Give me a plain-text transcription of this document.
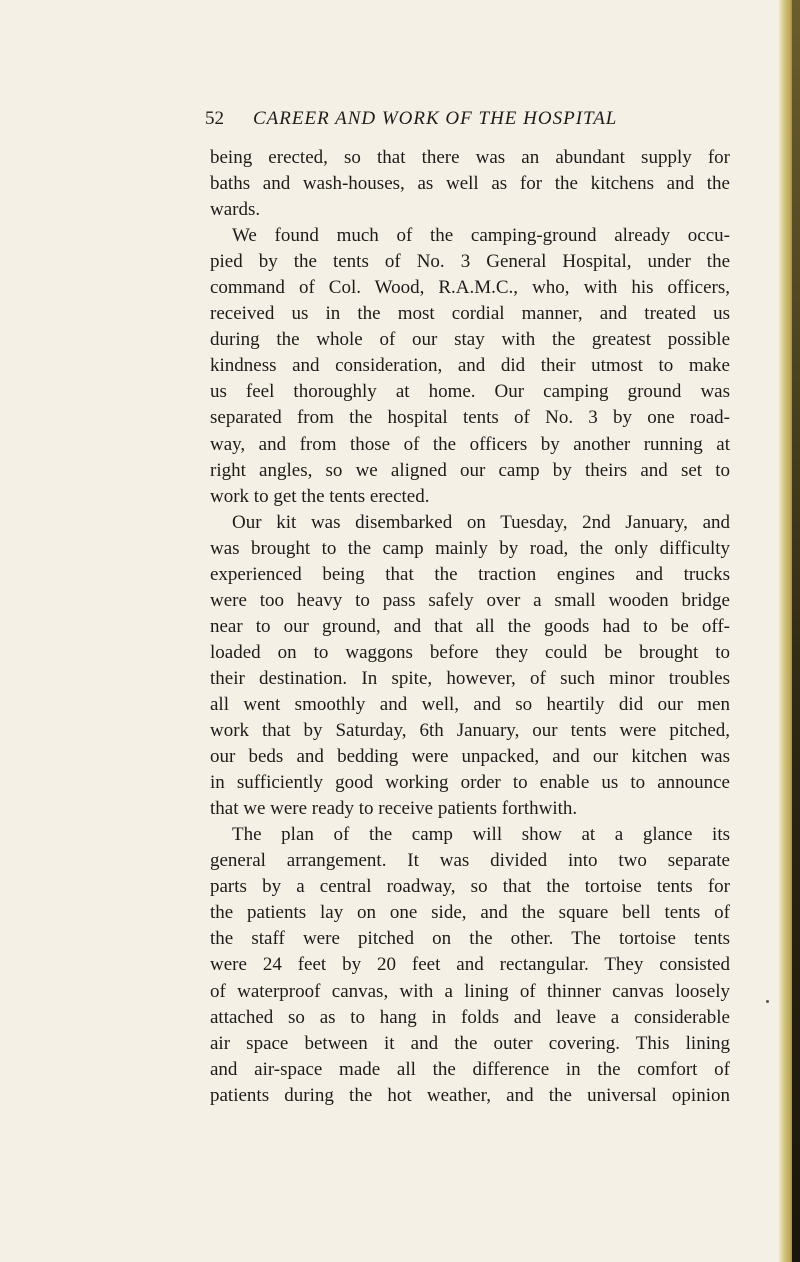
52 CAREER AND WORK OF THE HOSPITAL
being erected, so that there was an abundant supply for
baths and wash-houses, as well as for the kitchens and the
wards.
We found much of the camping-ground already occu-
pied by the tents of No. 3 General Hospital, under the
command of Col. Wood, R.A.M.C., who, with his officers,
received us in the most cordial manner, and treated us
during the whole of our stay with the greatest possible
kindness and consideration, and did their utmost to make
us feel thoroughly at home. Our camping ground was
separated from the hospital tents of No. 3 by one road-
way, and from those of the officers by another running at
right angles, so we aligned our camp by theirs and set to
work to get the tents erected.
Our kit was disembarked on Tuesday, 2nd January, and
was brought to the camp mainly by road, the only difficulty
experienced being that the traction engines and trucks
were too heavy to pass safely over a small wooden bridge
near to our ground, and that all the goods had to be off-
loaded on to waggons before they could be brought to
their destination. In spite, however, of such minor troubles
all went smoothly and well, and so heartily did our men
work that by Saturday, 6th January, our tents were pitched,
our beds and bedding were unpacked, and our kitchen was
in sufficiently good working order to enable us to announce
that we were ready to receive patients forthwith.
The plan of the camp will show at a glance its
general arrangement. It was divided into two separate
parts by a central roadway, so that the tortoise tents for
the patients lay on one side, and the square bell tents of
the staff were pitched on the other. The tortoise tents
were 24 feet by 20 feet and rectangular. They consisted
of waterproof canvas, with a lining of thinner canvas loosely
attached so as to hang in folds and leave a considerable
air space between it and the outer covering. This lining
and air-space made all the difference in the comfort of
patients during the hot weather, and the universal opinion
